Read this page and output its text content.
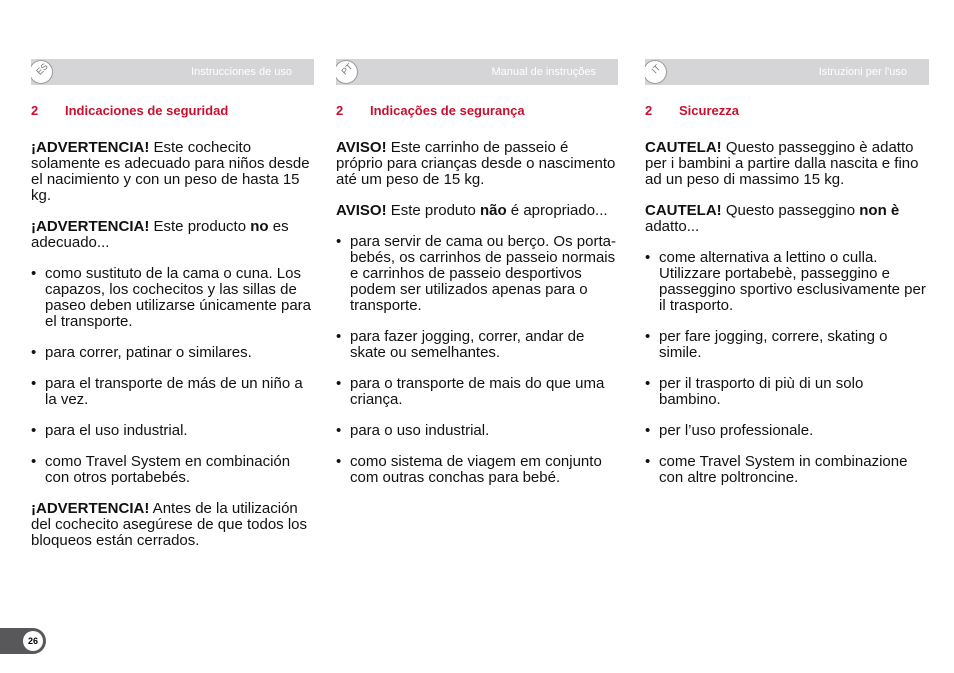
ES	Instrucciones de uso
2 Indicaciones de seguridad

¡ADVERTENCIA! Este cochecito solamente es adecuado para niños desde el nacimiento y con un peso de hasta 15 kg.

¡ADVERTENCIA! Este producto no es adecuado...

• como sustituto de la cama o cuna. Los capazos, los cochecitos y las sillas de paseo deben utilizarse únicamente para el transporte.
• para correr, patinar o similares.
• para el transporte de más de un niño a la vez.
• para el uso industrial.
• como Travel System en combinación con otros portabebés.

¡ADVERTENCIA! Antes de la utilización del cochecito asegúrese de que todos los bloqueos están cerrados.

PT	Manual de instruções
2 Indicações de segurança

AVISO! Este carrinho de passeio é próprio para crianças desde o nascimento até um peso de 15 kg.

AVISO! Este produto não é apropriado...

• para servir de cama ou berço. Os porta-bebés, os carrinhos de passeio normais e carrinhos de passeio desportivos podem ser utilizados apenas para o transporte.
• para fazer jogging, correr, andar de skate ou semelhantes.
• para o transporte de mais do que uma criança.
• para o uso industrial.
• como sistema de viagem em conjunto com outras conchas para bebé.
IT	Istruzioni per l'uso
2 Sicurezza

CAUTELA! Questo passeggino è adatto per i bambini a partire dalla nascita e fino ad un peso di massimo 15 kg.

CAUTELA! Questo passeggino non è adatto...

• come alternativa a lettino o culla. Utilizzare portabebè, passeggino e passeggino sportivo esclusivamente per il trasporto.
• per fare jogging, correre, skating o simile.
• per il trasporto di più di un solo bambino.
• per l’uso professionale.
• come Travel System in combinazione con altre poltroncine.
26
